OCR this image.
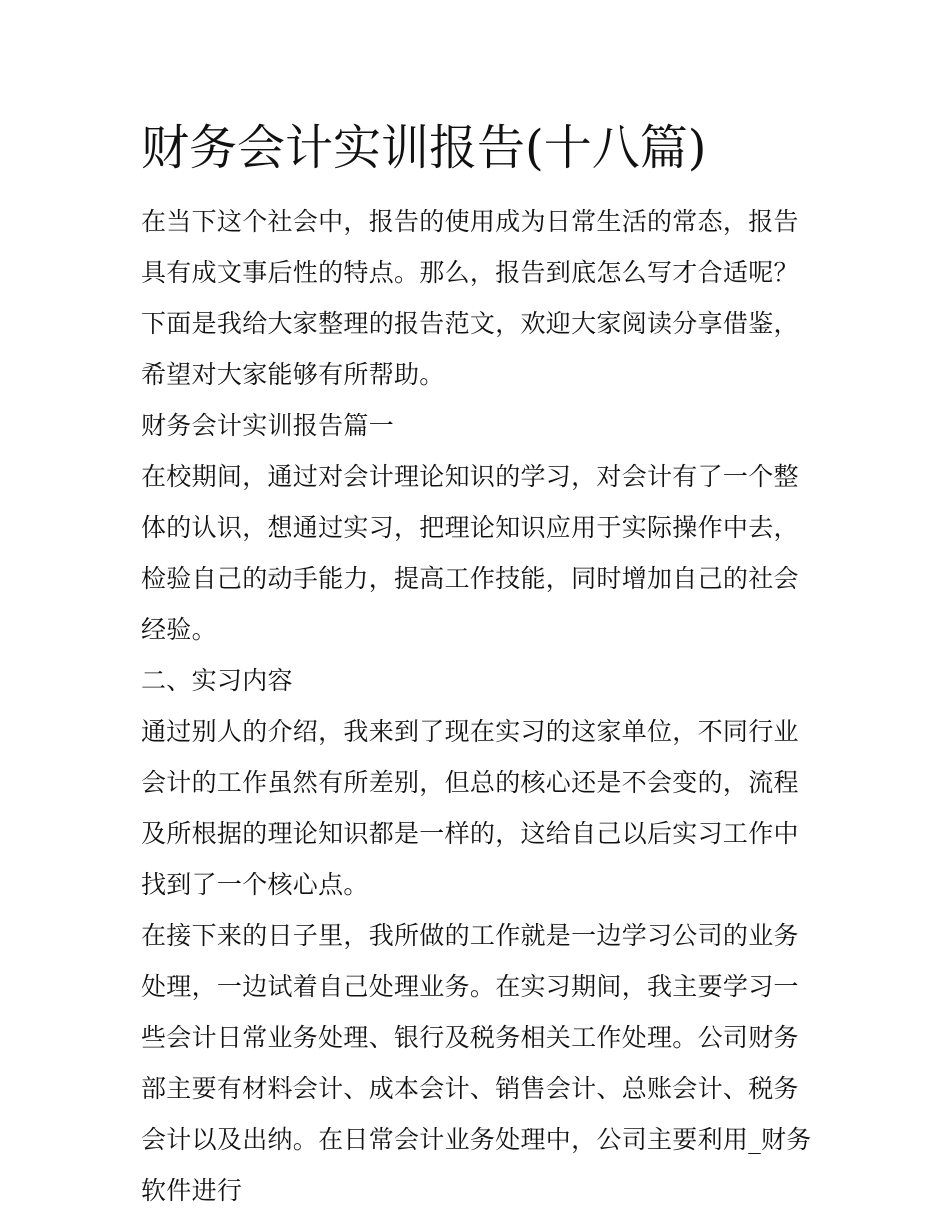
财务会计实训报告(十八篇)

在当下这个社会中，报告的使用成为日常生活的常态，报告具有成文事后性的特点。那么，报告到底怎么写才合适呢？下面是我给大家整理的报告范文，欢迎大家阅读分享借鉴，希望对大家能够有所帮助。

财务会计实训报告篇一

在校期间，通过对会计理论知识的学习，对会计有了一个整体的认识，想通过实习，把理论知识应用于实际操作中去，检验自己的动手能力，提高工作技能，同时增加自己的社会经验。

二、实习内容

通过别人的介绍，我来到了现在实习的这家单位，不同行业会计的工作虽然有所差别，但总的核心还是不会变的，流程及所根据的理论知识都是一样的，这给自己以后实习工作中找到了一个核心点。

在接下来的日子里，我所做的工作就是一边学习公司的业务处理，一边试着自己处理业务。在实习期间，我主要学习一些会计日常业务处理、银行及税务相关工作处理。公司财务部主要有材料会计、成本会计、销售会计、总账会计、税务会计以及出纳。在日常会计业务处理中，公司主要利用_财务软件进行
